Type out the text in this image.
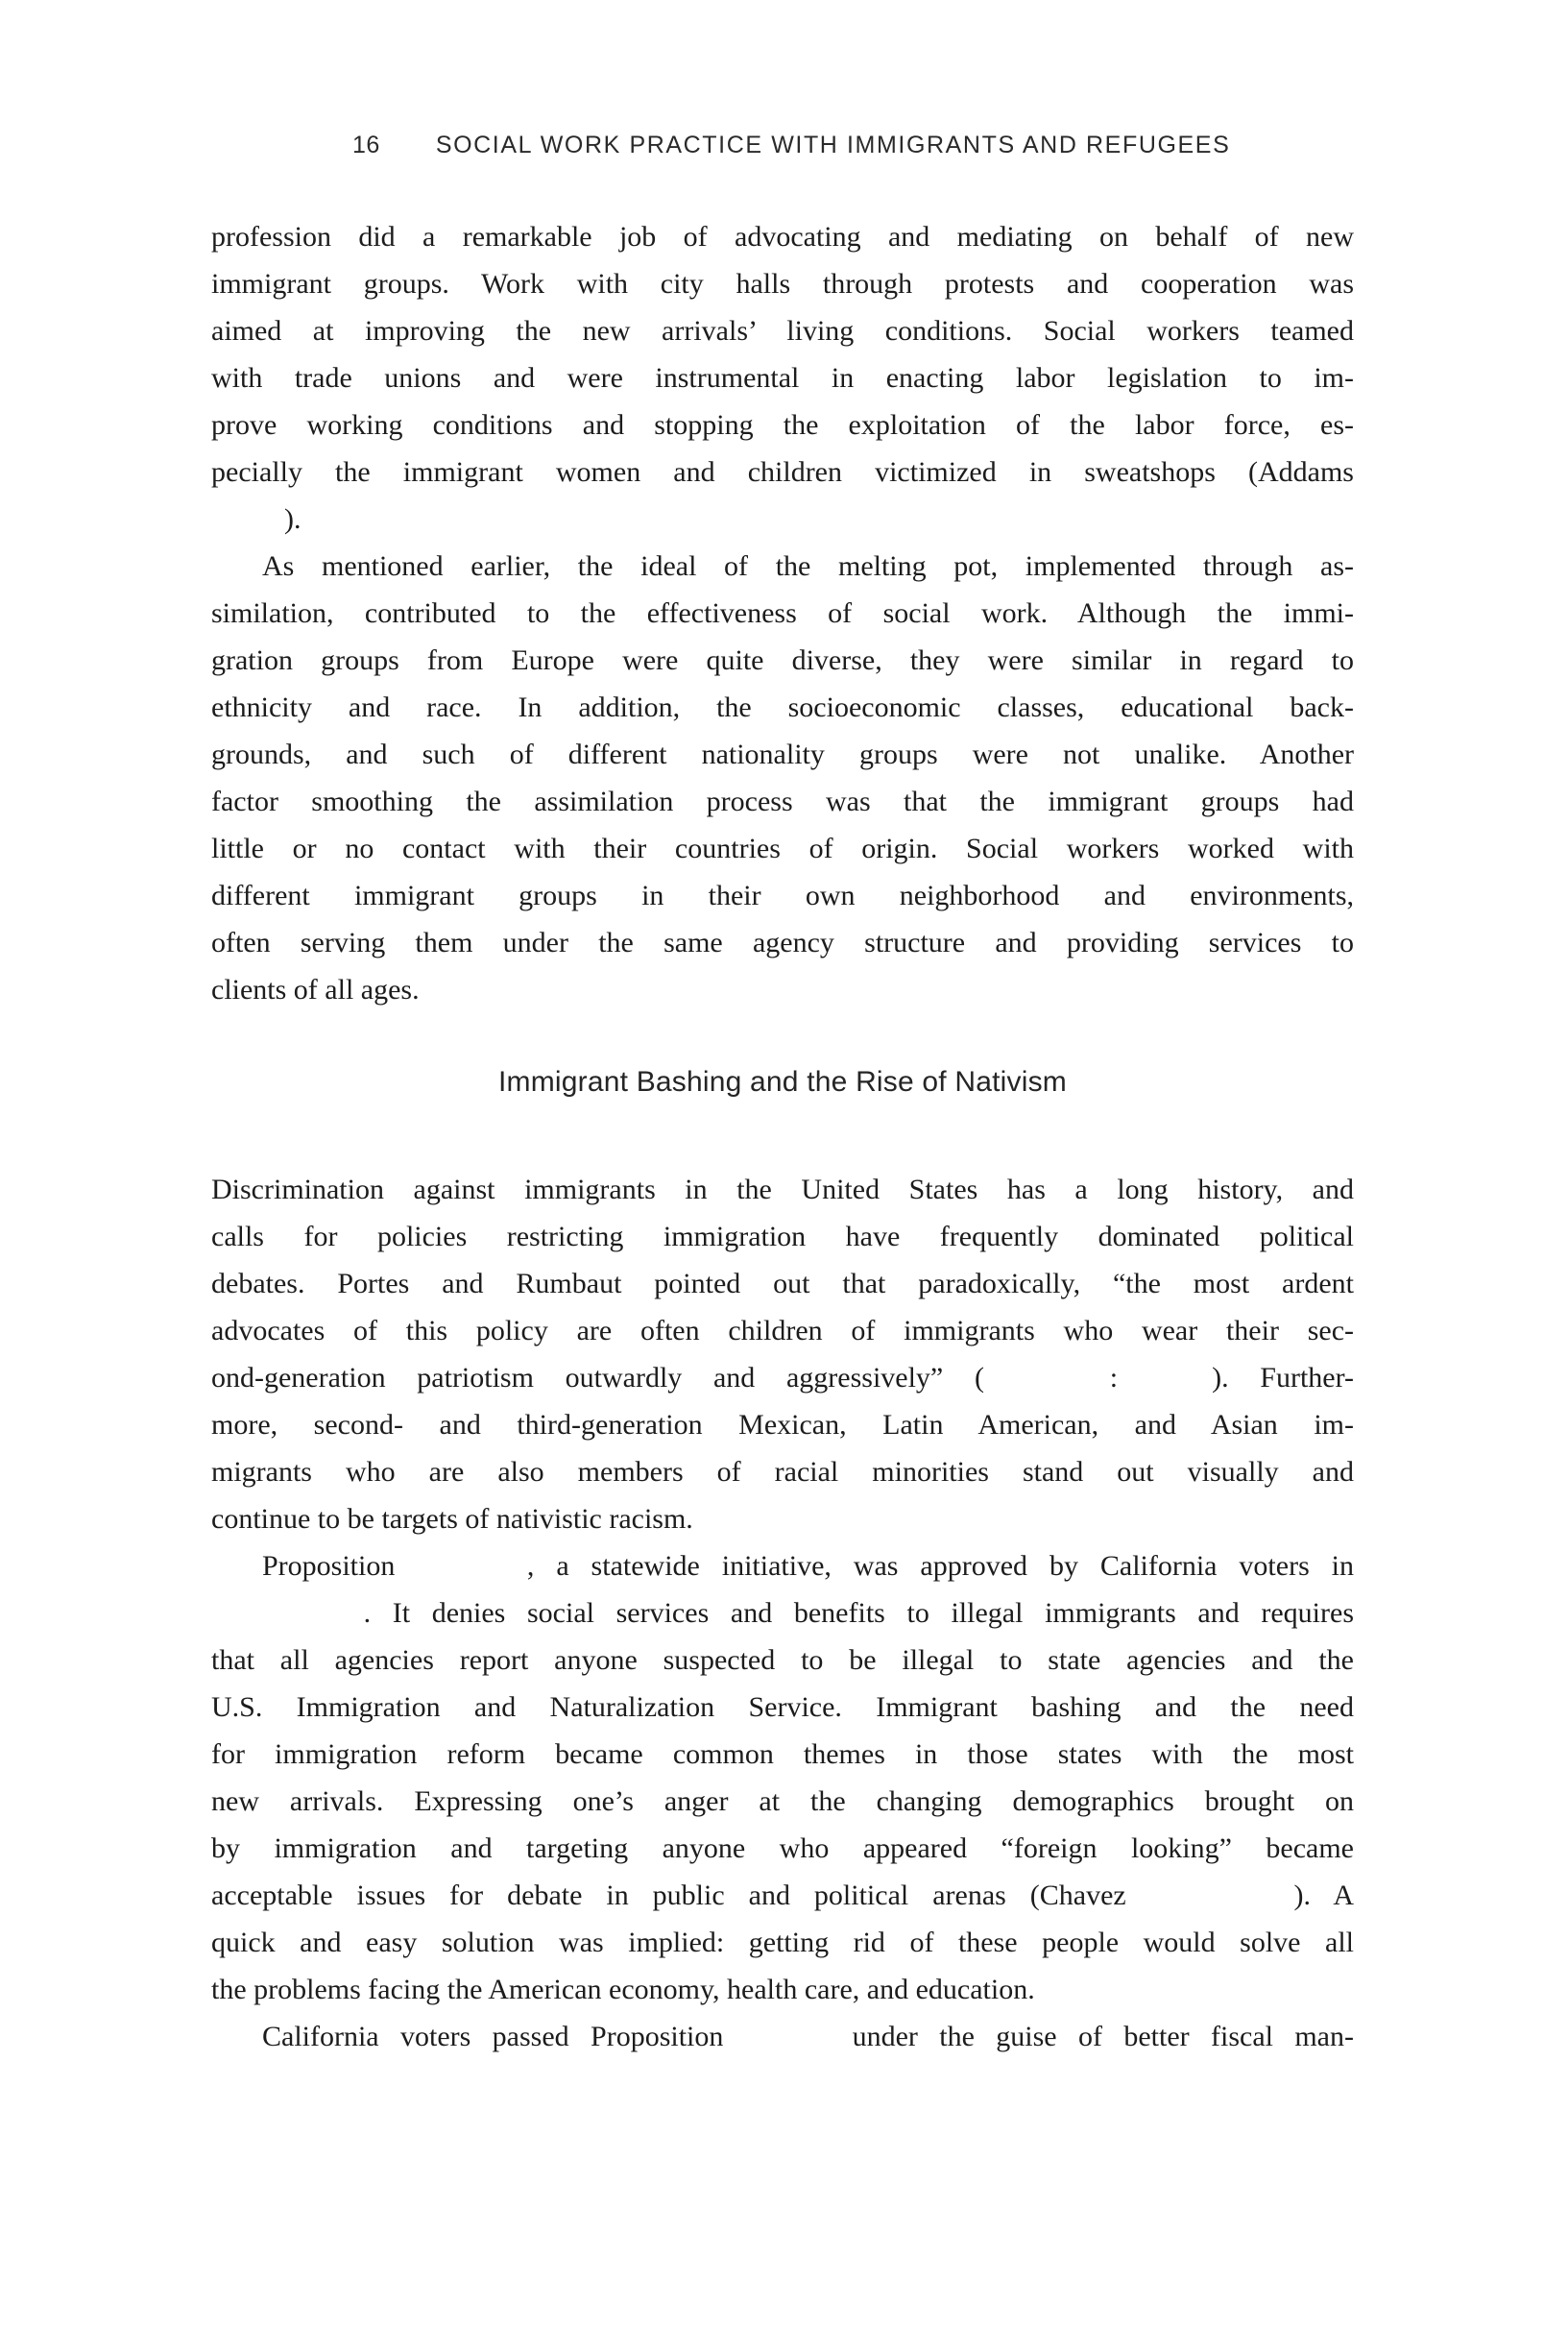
16 SOCIAL WORK PRACTICE WITH IMMIGRANTS AND REFUGEES
profession did a remarkable job of advocating and mediating on behalf of new
immigrant groups. Work with city halls through protests and cooperation was
aimed at improving the new arrivals’ living conditions. Social workers teamed
with trade unions and were instrumental in enacting labor legislation to im-
prove working conditions and stopping the exploitation of the labor force, es-
pecially the immigrant women and children victimized in sweatshops (Addams
).
As mentioned earlier, the ideal of the melting pot, implemented through as-
similation, contributed to the effectiveness of social work. Although the immi-
gration groups from Europe were quite diverse, they were similar in regard to
ethnicity and race. In addition, the socioeconomic classes, educational back-
grounds, and such of different nationality groups were not unalike. Another
factor smoothing the assimilation process was that the immigrant groups had
little or no contact with their countries of origin. Social workers worked with
different immigrant groups in their own neighborhood and environments,
often serving them under the same agency structure and providing services to
clients of all ages.
Immigrant Bashing and the Rise of Nativism
Discrimination against immigrants in the United States has a long history, and
calls for policies restricting immigration have frequently dominated political
debates. Portes and Rumbaut pointed out that paradoxically, “the most ardent
advocates of this policy are often children of immigrants who wear their sec-
ond-generation patriotism outwardly and aggressively” (    :   ). Further-
more, second- and third-generation Mexican, Latin American, and Asian im-
migrants who are also members of racial minorities stand out visually and
continue to be targets of nativistic racism.
Proposition      , a statewide initiative, was approved by California voters in
. It denies social services and benefits to illegal immigrants and requires
that all agencies report anyone suspected to be illegal to state agencies and the
U.S. Immigration and Naturalization Service. Immigrant bashing and the need
for immigration reform became common themes in those states with the most
new arrivals. Expressing one’s anger at the changing demographics brought on
by immigration and targeting anyone who appeared “foreign looking” became
acceptable issues for debate in public and political arenas (Chavez       ). A
quick and easy solution was implied: getting rid of these people would solve all
the problems facing the American economy, health care, and education.
California voters passed Proposition      under the guise of better fiscal man-
